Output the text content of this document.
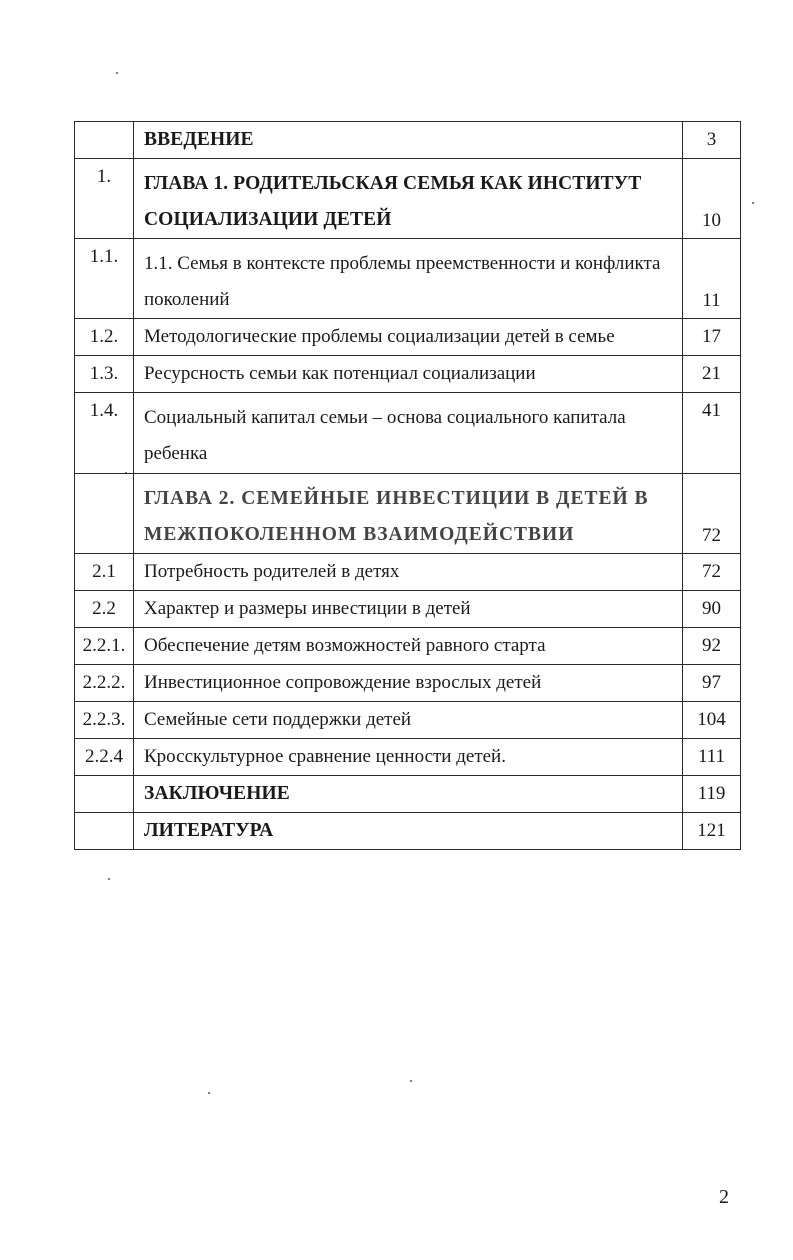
	ВВЕДЕНИЕ	3
1.	ГЛАВА 1. РОДИТЕЛЬСКАЯ СЕМЬЯ КАК ИНСТИТУТ СОЦИАЛИЗАЦИИ ДЕТЕЙ	10
1.1.	1.1. Семья в контексте проблемы преемственности и конфликта поколений	11
1.2.	Методологические проблемы социализации детей в семье	17
1.3.	Ресурсность семьи как потенциал социализации	21
1.4.	Социальный капитал семьи – основа социального капитала ребенка	41
	ГЛАВА 2. СЕМЕЙНЫЕ ИНВЕСТИЦИИ В ДЕТЕЙ В МЕЖПОКОЛЕННОМ ВЗАИМОДЕЙСТВИИ	72
2.1	Потребность родителей в детях	72
2.2	Характер и размеры инвестиции в детей	90
2.2.1.	Обеспечение детям возможностей равного старта	92
2.2.2.	Инвестиционное сопровождение взрослых детей	97
2.2.3.	Семейные сети поддержки детей	104
2.2.4	Кросскультурное сравнение ценности детей.	111
	ЗАКЛЮЧЕНИЕ	119
	ЛИТЕРАТУРА	121
2
